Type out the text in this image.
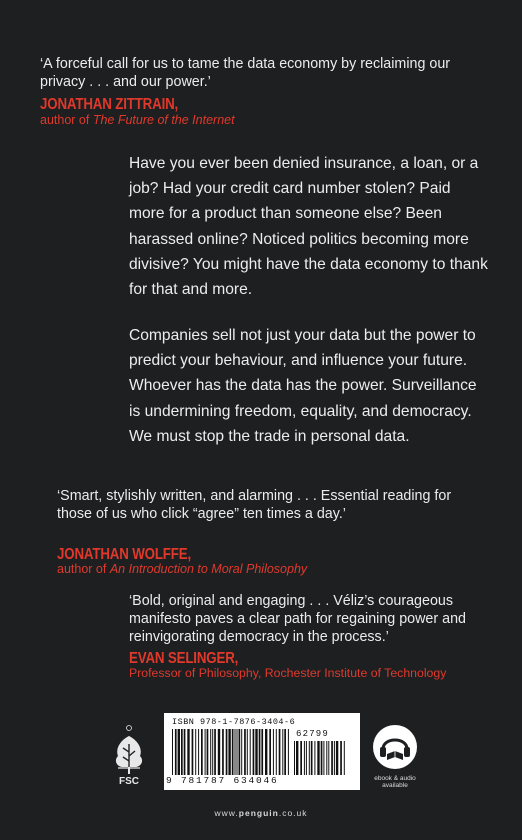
‘A forceful call for us to tame the data economy by reclaiming our privacy . . . and our power.’
JONATHAN ZITTRAIN,
author of The Future of the Internet

Have you ever been denied insurance, a loan, or a job? Had your credit card number stolen? Paid more for a product than someone else? Been harassed online? Noticed politics becoming more divisive? You might have the data economy to thank for that and more.

Companies sell not just your data but the power to predict your behaviour, and influence your future. Whoever has the data has the power. Surveillance is undermining freedom, equality, and democracy. We must stop the trade in personal data.

‘Smart, stylishly written, and alarming . . . Essential reading for those of us who click “agree” ten times a day.’
JONATHAN WOLFFE,
author of An Introduction to Moral Philosophy
‘Bold, original and engaging . . . Véliz’s courageous manifesto paves a clear path for regaining power and reinvigorating democracy in the process.’
EVAN SELINGER,
Professor of Philosophy, Rochester Institute of Technology
FSC
ISBN 978-1-7876-3404-6
62799
9 781787 634046	ebook & audio
available
www.penguin.co.uk
